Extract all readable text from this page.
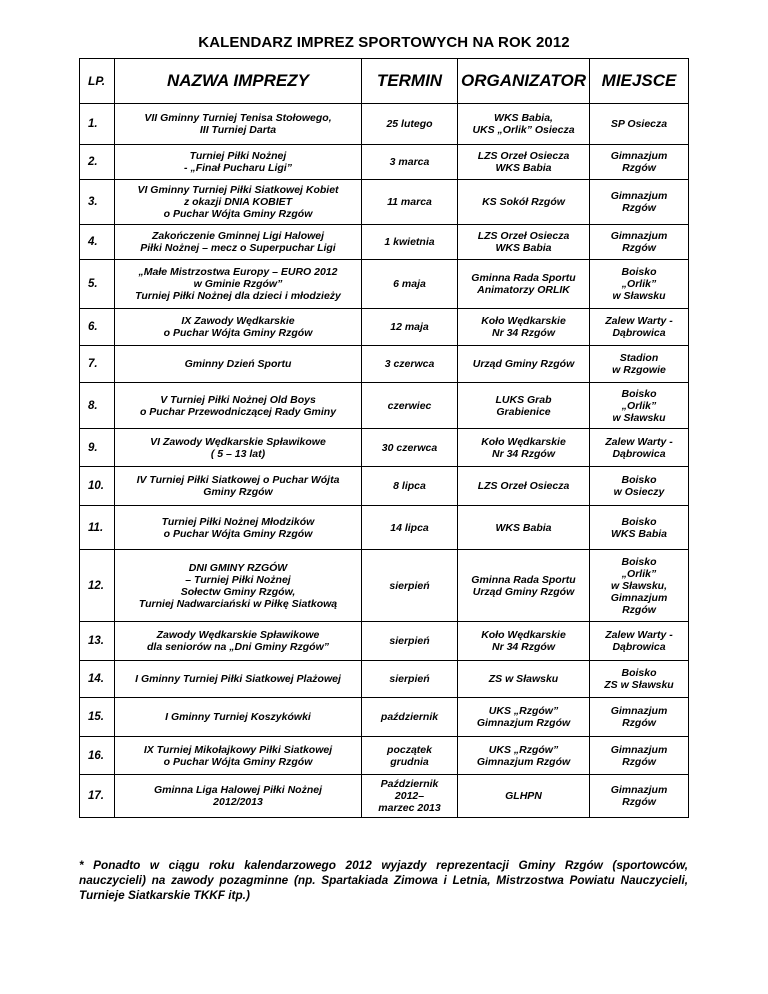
KALENDARZ IMPREZ SPORTOWYCH NA ROK 2012
LP.	NAZWA IMPREZY	TERMIN	ORGANIZATOR	MIEJSCE
1.	VII Gminny Turniej Tenisa Stołowego,
III Turniej Darta	25 lutego	WKS Babia,
UKS „Orlik” Osiecza	SP Osiecza

2.	Turniej Piłki Nożnej
- „Finał Pucharu Ligi”	3 marca	LZS Orzeł Osiecza
WKS Babia	Gimnazjum
Rzgów

3.	VI Gminny Turniej Piłki Siatkowej Kobiet
z okazji DNIA KOBIET
o Puchar Wójta Gminy Rzgów	11 marca	KS Sokół Rzgów	Gimnazjum
Rzgów

4.	Zakończenie Gminnej Ligi Halowej
Piłki Nożnej – mecz o Superpuchar Ligi	1 kwietnia	LZS Orzeł Osiecza
WKS Babia	Gimnazjum
Rzgów

5.	„Małe Mistrzostwa Europy – EURO 2012
w Gminie Rzgów”
Turniej Piłki Nożnej dla dzieci i młodzieży	6 maja	Gminna Rada Sportu
Animatorzy ORLIK	Boisko
„Orlik”
w Sławsku

6.	IX Zawody Wędkarskie
o Puchar Wójta Gminy Rzgów	12 maja	Koło Wędkarskie
Nr 34 Rzgów	Zalew Warty -
Dąbrowica

7.	Gminny Dzień Sportu	3 czerwca	Urząd Gminy Rzgów	Stadion
w Rzgowie

8.	V Turniej Piłki Nożnej Old Boys
o Puchar Przewodniczącej Rady Gminy	czerwiec	LUKS Grab
Grabienice	Boisko
„Orlik”
w Sławsku

9.	VI Zawody Wędkarskie Spławikowe
( 5 – 13 lat)	30 czerwca	Koło Wędkarskie
Nr 34 Rzgów	Zalew Warty -
Dąbrowica

10.	IV Turniej Piłki Siatkowej o Puchar Wójta
Gminy Rzgów	8 lipca	LZS Orzeł Osiecza	Boisko
w Osieczy

11.	Turniej Piłki Nożnej Młodzików
o Puchar Wójta Gminy Rzgów	14 lipca	WKS Babia	Boisko
WKS Babia

12.	DNI GMINY RZGÓW
– Turniej Piłki Nożnej
Sołectw Gminy Rzgów,
Turniej Nadwarciański w Piłkę Siatkową	sierpień	Gminna Rada Sportu
Urząd Gminy Rzgów	Boisko
„Orlik”
w Sławsku,
Gimnazjum
Rzgów

13.	Zawody Wędkarskie Spławikowe
dla seniorów na „Dni Gminy Rzgów”	sierpień	Koło Wędkarskie
Nr 34 Rzgów	Zalew Warty -
Dąbrowica

14.	I Gminny Turniej Piłki Siatkowej Plażowej	sierpień	ZS w Sławsku	Boisko
ZS w Sławsku

15.	I Gminny Turniej Koszykówki	październik	UKS „Rzgów”
Gimnazjum Rzgów	Gimnazjum
Rzgów

16.	IX Turniej Mikołajkowy Piłki Siatkowej
o Puchar Wójta Gminy Rzgów	początek
grudnia	UKS „Rzgów”
Gimnazjum Rzgów	Gimnazjum
Rzgów

17.	Gminna Liga Halowej Piłki Nożnej
2012/2013	Październik
2012–
marzec 2013	GLHPN	Gimnazjum
Rzgów
* Ponadto w ciągu roku kalendarzowego 2012 wyjazdy reprezentacji Gminy Rzgów (sportowców, nauczycieli) na zawody pozagminne (np. Spartakiada Zimowa i Letnia, Mistrzostwa Powiatu Nauczycieli, Turnieje Siatkarskie TKKF itp.)
